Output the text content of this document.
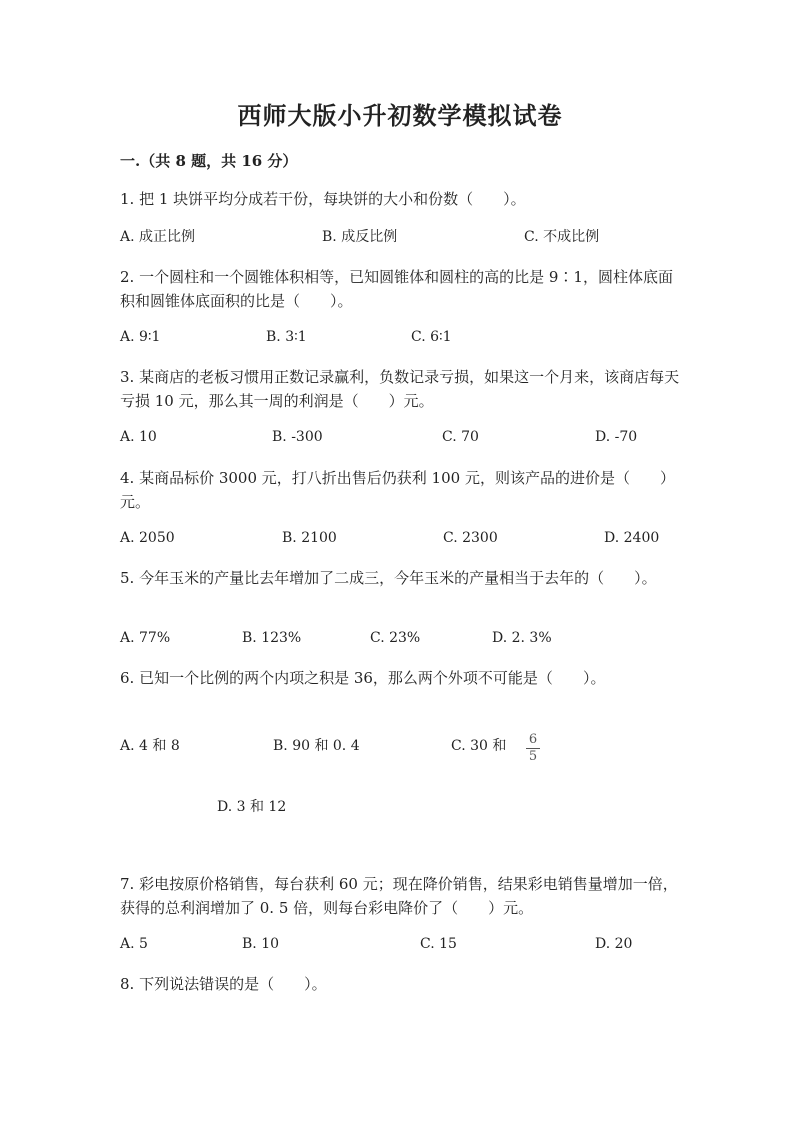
西师大版小升初数学模拟试卷
一.（共 8 题，共 16 分）
1. 把 1 块饼平均分成若干份，每块饼的大小和份数（　　）。
A. 成正比例	B. 成反比例	C. 不成比例
2. 一个圆柱和一个圆锥体积相等，已知圆锥体和圆柱的高的比是 9∶1，圆柱体底面积和圆锥体底面积的比是（　　）。
A. 9∶1	B. 3∶1	C. 6∶1
3. 某商店的老板习惯用正数记录赢利，负数记录亏损，如果这一个月来，该商店每天亏损 10 元，那么其一周的利润是（　　）元。
A. 10	B. -300	C. 70	D. -70
4. 某商品标价 3000 元，打八折出售后仍获利 100 元，则该产品的进价是（　　）元。
A. 2050	B. 2100	C. 2300	D. 2400
5. 今年玉米的产量比去年增加了二成三，今年玉米的产量相当于去年的（　　）。
A. 77%	B. 123%	C. 23%	D. 2. 3%
6. 已知一个比例的两个内项之积是 36，那么两个外项不可能是（　　）。
A. 4 和 8	B. 90 和 0. 4	C. 30 和 6
5
D. 3 和 12
7. 彩电按原价格销售，每台获利 60 元；现在降价销售，结果彩电销售量增加一倍，获得的总利润增加了 0. 5 倍，则每台彩电降价了（　　）元。
A. 5	B. 10	C. 15	D. 20
8. 下列说法错误的是（　　）。
